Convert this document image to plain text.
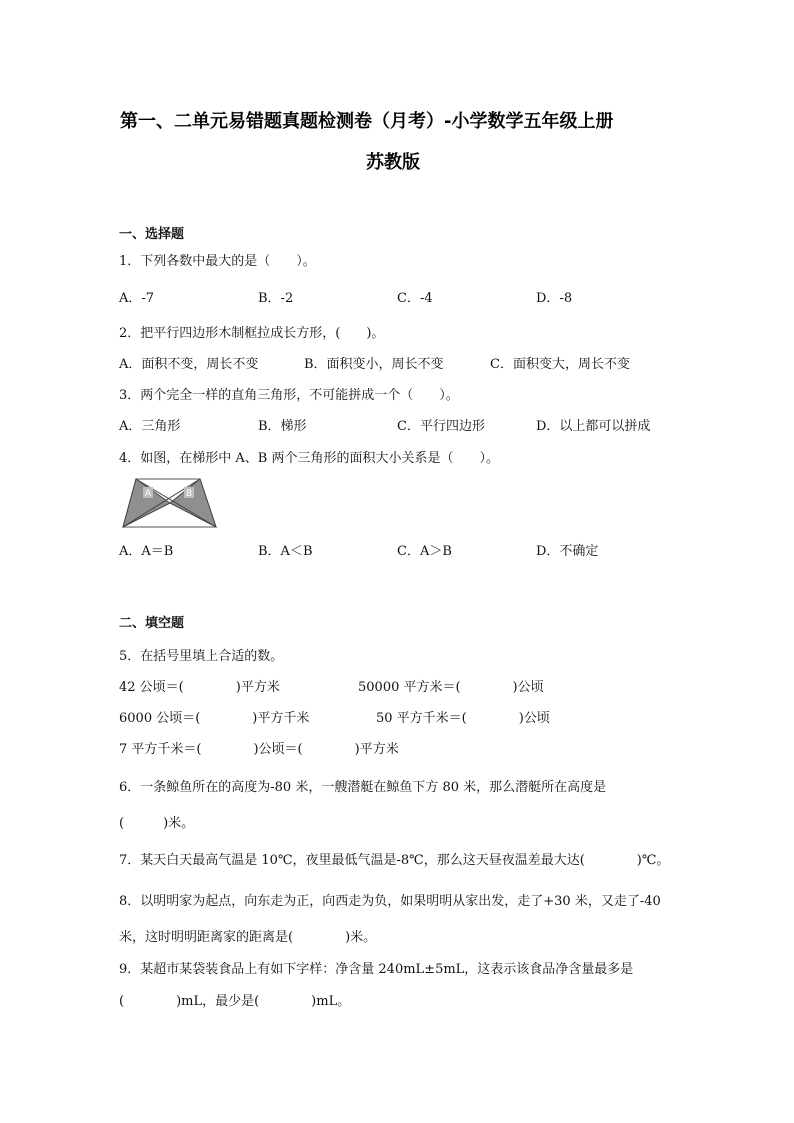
第一、二单元易错题真题检测卷（月考）-小学数学五年级上册
苏教版
一、选择题
1．下列各数中最大的是（　　）。
A．-7	B．-2	C．-4	D．-8
2．把平行四边形木制框拉成长方形，(　　)。
A．面积不变，周长不变	B．面积变小，周长不变	C．面积变大，周长不变
3．两个完全一样的直角三角形，不可能拼成一个（　　）。
A．三角形	B．梯形	C．平行四边形	D．以上都可以拼成
4．如图，在梯形中 A、B 两个三角形的面积大小关系是（　　）。
A	B
A．A＝B	B．A＜B	C．A＞B	D．不确定
二、填空题
5．在括号里填上合适的数。
42 公顷＝(　　　　)平方米	50000 平方米＝(　　　　)公顷
6000 公顷＝(　　　　)平方千米	50 平方千米＝(　　　　)公顷
7 平方千米＝(　　　　)公顷＝(　　　　)平方米
6．一条鲸鱼所在的高度为-80 米，一艘潜艇在鲸鱼下方 80 米，那么潜艇所在高度是
(　　　)米。
7．某天白天最高气温是 10℃，夜里最低气温是-8℃，那么这天昼夜温差最大达(　　　　)℃。
8．以明明家为起点，向东走为正，向西走为负，如果明明从家出发，走了+30 米，又走了-40
米，这时明明距离家的距离是(　　　　)米。
9．某超市某袋装食品上有如下字样：净含量 240mL±5mL，这表示该食品净含量最多是
(　　　　)mL，最少是(　　　　)mL。
